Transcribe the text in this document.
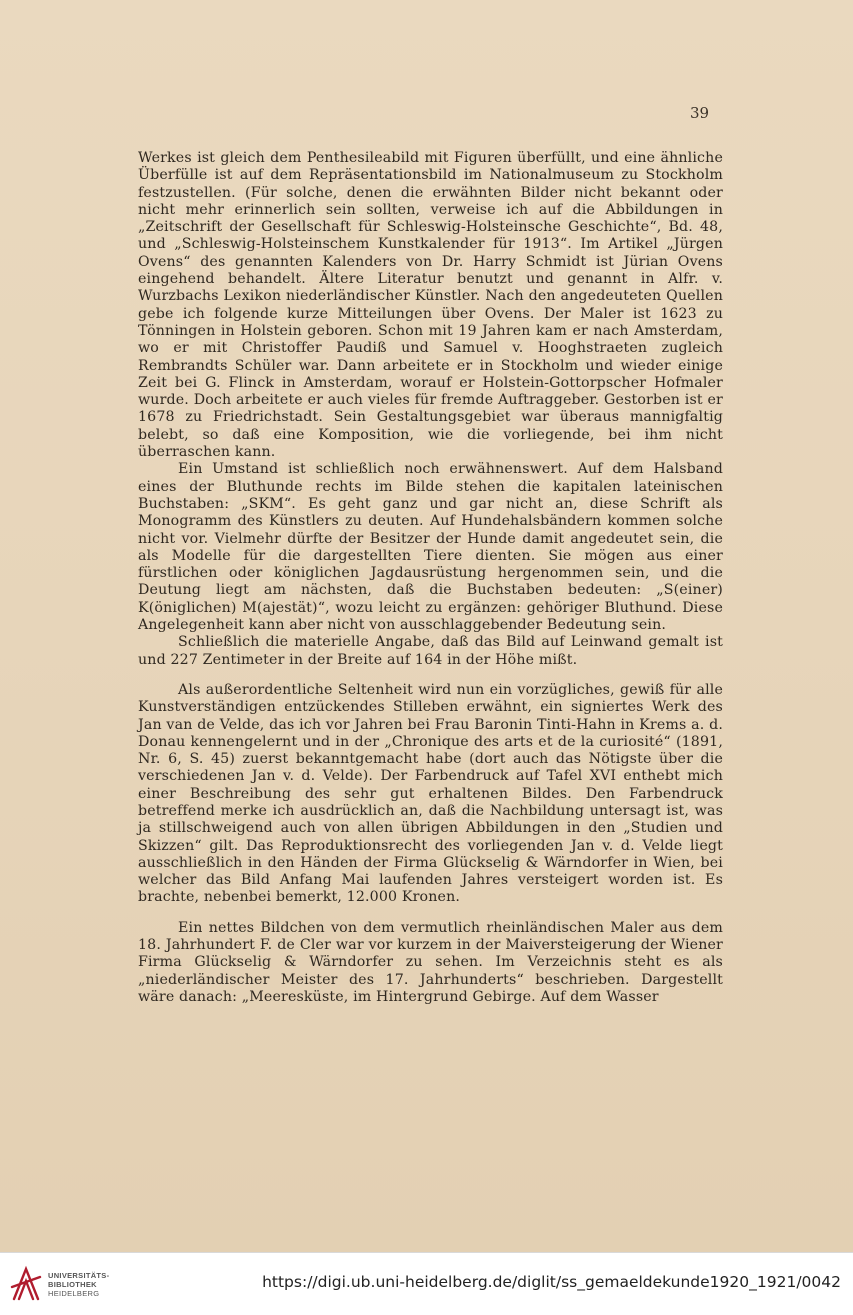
39

Werkes ist gleich dem Penthesileabild mit Figuren überfüllt, und eine ähnliche Überfülle ist auf dem Repräsentationsbild im Nationalmuseum zu Stockholm festzustellen. (Für solche, denen die erwähnten Bilder nicht bekannt oder nicht mehr erinnerlich sein sollten, verweise ich auf die Abbildungen in „Zeitschrift der Gesellschaft für Schleswig-Holsteinsche Geschichte“, Bd. 48, und „Schleswig-Holsteinschem Kunstkalender für 1913“. Im Artikel „Jürgen Ovens“ des genannten Kalenders von Dr. Harry Schmidt ist Jürian Ovens eingehend behandelt. Ältere Literatur benutzt und genannt in Alfr. v. Wurzbachs Lexikon niederländischer Künstler. Nach den angedeuteten Quellen gebe ich folgende kurze Mitteilungen über Ovens. Der Maler ist 1623 zu Tönningen in Holstein geboren. Schon mit 19 Jahren kam er nach Amsterdam, wo er mit Christoffer Paudiß und Samuel v. Hooghstraeten zugleich Rembrandts Schüler war. Dann arbeitete er in Stockholm und wieder einige Zeit bei G. Flinck in Amsterdam, worauf er Holstein-Gottorpscher Hofmaler wurde. Doch arbeitete er auch vieles für fremde Auftraggeber. Gestorben ist er 1678 zu Friedrichstadt. Sein Gestaltungsgebiet war überaus mannigfaltig belebt, so daß eine Komposition, wie die vorliegende, bei ihm nicht überraschen kann.

Ein Umstand ist schließlich noch erwähnenswert. Auf dem Halsband eines der Bluthunde rechts im Bilde stehen die kapitalen lateinischen Buchstaben: „SKM“. Es geht ganz und gar nicht an, diese Schrift als Monogramm des Künstlers zu deuten. Auf Hundehalsbändern kommen solche nicht vor. Vielmehr dürfte der Besitzer der Hunde damit angedeutet sein, die als Modelle für die dargestellten Tiere dienten. Sie mögen aus einer fürstlichen oder königlichen Jagdausrüstung hergenommen sein, und die Deutung liegt am nächsten, daß die Buchstaben bedeuten: „S(einer) K(öniglichen) M(ajestät)“, wozu leicht zu ergänzen: gehöriger Bluthund. Diese Angelegenheit kann aber nicht von ausschlaggebender Bedeutung sein.

Schließlich die materielle Angabe, daß das Bild auf Leinwand gemalt ist und 227 Zentimeter in der Breite auf 164 in der Höhe mißt.

Als außerordentliche Seltenheit wird nun ein vorzügliches, gewiß für alle Kunstverständigen entzückendes Stilleben erwähnt, ein signiertes Werk des Jan van de Velde, das ich vor Jahren bei Frau Baronin Tinti-Hahn in Krems a. d. Donau kennengelernt und in der „Chronique des arts et de la curiosité“ (1891, Nr. 6, S. 45) zuerst bekanntgemacht habe (dort auch das Nötigste über die verschiedenen Jan v. d. Velde). Der Farbendruck auf Tafel XVI enthebt mich einer Beschreibung des sehr gut erhaltenen Bildes. Den Farbendruck betreffend merke ich ausdrücklich an, daß die Nachbildung untersagt ist, was ja stillschweigend auch von allen übrigen Abbildungen in den „Studien und Skizzen“ gilt. Das Reproduktionsrecht des vorliegenden Jan v. d. Velde liegt ausschließlich in den Händen der Firma Glückselig & Wärndorfer in Wien, bei welcher das Bild Anfang Mai laufenden Jahres versteigert worden ist. Es brachte, nebenbei bemerkt, 12.000 Kronen.

Ein nettes Bildchen von dem vermutlich rheinländischen Maler aus dem 18. Jahrhundert F. de Cler war vor kurzem in der Maiversteigerung der Wiener Firma Glückselig & Wärndorfer zu sehen. Im Verzeichnis steht es als „niederländischer Meister des 17. Jahrhunderts“ beschrieben. Dargestellt wäre danach: „Meeresküste, im Hintergrund Gebirge. Auf dem Wasser

UNIVERSITÄTS-
BIBLIOTHEK
HEIDELBERG
https://digi.ub.uni-heidelberg.de/diglit/ss_gemaeldekunde1920_1921/0042
